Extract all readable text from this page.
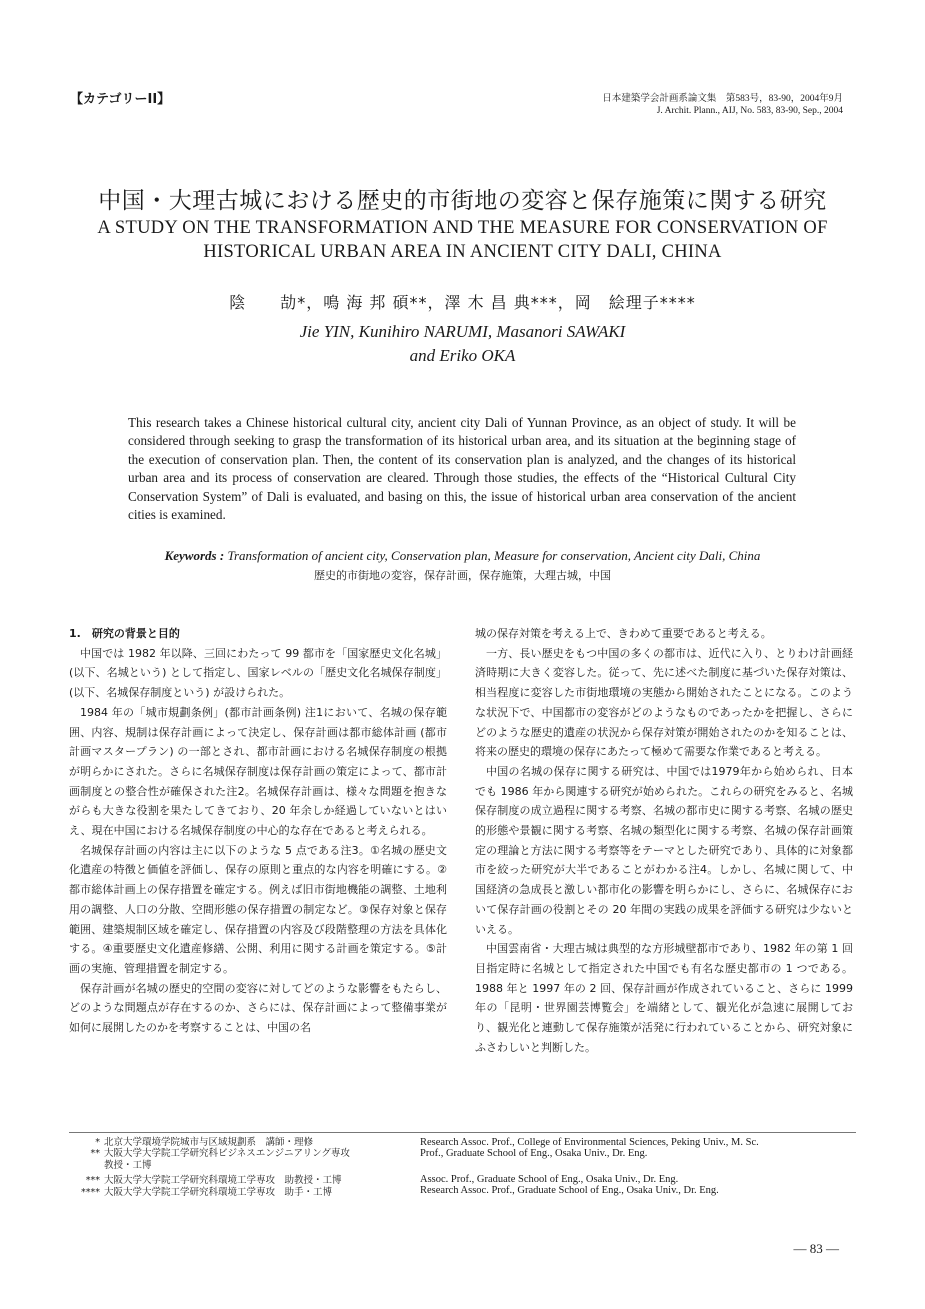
【カテゴリーII】	日本建築学会計画系論文集　第583号，83-90，2004年9月
J. Archit. Plann., AIJ, No. 583, 83-90, Sep., 2004
中国・大理古城における歴史的市街地の変容と保存施策に関する研究
A STUDY ON THE TRANSFORMATION AND THE MEASURE FOR CONSERVATION OF
HISTORICAL URBAN AREA IN ANCIENT CITY DALI, CHINA
陰　　劼*，鳴 海 邦 碩**，澤 木 昌 典***，岡　絵理子****
Jie YIN, Kunihiro NARUMI, Masanori SAWAKI
and Eriko OKA
This research takes a Chinese historical cultural city, ancient city Dali of Yunnan Province, as an object of study. It will be considered through seeking to grasp the transformation of its historical urban area, and its situation at the beginning stage of the execution of conservation plan. Then, the content of its conservation plan is analyzed, and the changes of its historical urban area and its process of conservation are cleared. Through those studies, the effects of the “Historical Cultural City Conservation System” of Dali is evaluated, and basing on this, the issue of historical urban area conservation of the ancient cities is examined.
Keywords : Transformation of ancient city, Conservation plan, Measure for conservation, Ancient city Dali, China
歴史的市街地の変容，保存計画，保存施策，大理古城，中国

1.　研究の背景と目的

中国では 1982 年以降、三回にわたって 99 都市を「国家歴史文化名城」(以下、名城という) として指定し、国家レベルの「歴史文化名城保存制度」(以下、名城保存制度という) が設けられた。

1984 年の「城市規劃条例」(都市計画条例) 注1において、名城の保存範囲、内容、規制は保存計画によって決定し、保存計画は都市総体計画 (都市計画マスタープラン) の一部とされ、都市計画における名城保存制度の根拠が明らかにされた。さらに名城保存制度は保存計画の策定によって、都市計画制度との整合性が確保された注2。名城保存計画は、様々な問題を抱きながらも大きな役割を果たしてきており、20 年余しか経過していないとはいえ、現在中国における名城保存制度の中心的な存在であると考えられる。

名城保存計画の内容は主に以下のような 5 点である注3。①名城の歴史文化遺産の特徴と価値を評価し、保存の原則と重点的な内容を明確にする。②都市総体計画上の保存措置を確定する。例えば旧市街地機能の調整、土地利用の調整、人口の分散、空間形態の保存措置の制定など。③保存対象と保存範囲、建築規制区域を確定し、保存措置の内容及び段階整理の方法を具体化する。④重要歴史文化遺産修繕、公開、利用に関する計画を策定する。⑤計画の実施、管理措置を制定する。

保存計画が名城の歴史的空間の変容に対してどのような影響をもたらし、どのような問題点が存在するのか、さらには、保存計画によって整備事業が如何に展開したのかを考察することは、中国の名

城の保存対策を考える上で、きわめて重要であると考える。

一方、長い歴史をもつ中国の多くの都市は、近代に入り、とりわけ計画経済時期に大きく変容した。従って、先に述べた制度に基づいた保存対策は、相当程度に変容した市街地環境の実態から開始されたことになる。このような状況下で、中国都市の変容がどのようなものであったかを把握し、さらにどのような歴史的遺産の状況から保存対策が開始されたのかを知ることは、将来の歴史的環境の保存にあたって極めて需要な作業であると考える。

中国の名城の保存に関する研究は、中国では1979年から始められ、日本でも 1986 年から関連する研究が始められた。これらの研究をみると、名城保存制度の成立過程に関する考察、名城の都市史に関する考察、名城の歴史的形態や景観に関する考察、名城の類型化に関する考察、名城の保存計画策定の理論と方法に関する考察等をテーマとした研究であり、具体的に対象都市を絞った研究が大半であることがわかる注4。しかし、名城に関して、中国経済の急成長と激しい都市化の影響を明らかにし、さらに、名城保存において保存計画の役割とその 20 年間の実践の成果を評価する研究は少ないといえる。

中国雲南省・大理古城は典型的な方形城壁都市であり、1982 年の第 1 回目指定時に名城として指定された中国でも有名な歴史都市の 1 つである。1988 年と 1997 年の 2 回、保存計画が作成されていること、さらに 1999 年の「昆明・世界園芸博覧会」を端緒として、観光化が急速に展開しており、観光化と連動して保存施策が活発に行われていることから、研究対象にふさわしいと判断した。

* 北京大学環境学院城市与区域規劃系　講師・理修
** 大阪大学大学院工学研究科ビジネスエンジニアリング専攻
教授・工博
*** 大阪大学大学院工学研究科環境工学専攻　助教授・工博
**** 大阪大学大学院工学研究科環境工学専攻　助手・工博
Research Assoc. Prof., College of Environmental Sciences, Peking Univ., M. Sc.
Prof., Graduate School of Eng., Osaka Univ., Dr. Eng.
Assoc. Prof., Graduate School of Eng., Osaka Univ., Dr. Eng.
Research Assoc. Prof., Graduate School of Eng., Osaka Univ., Dr. Eng.
— 83 —
